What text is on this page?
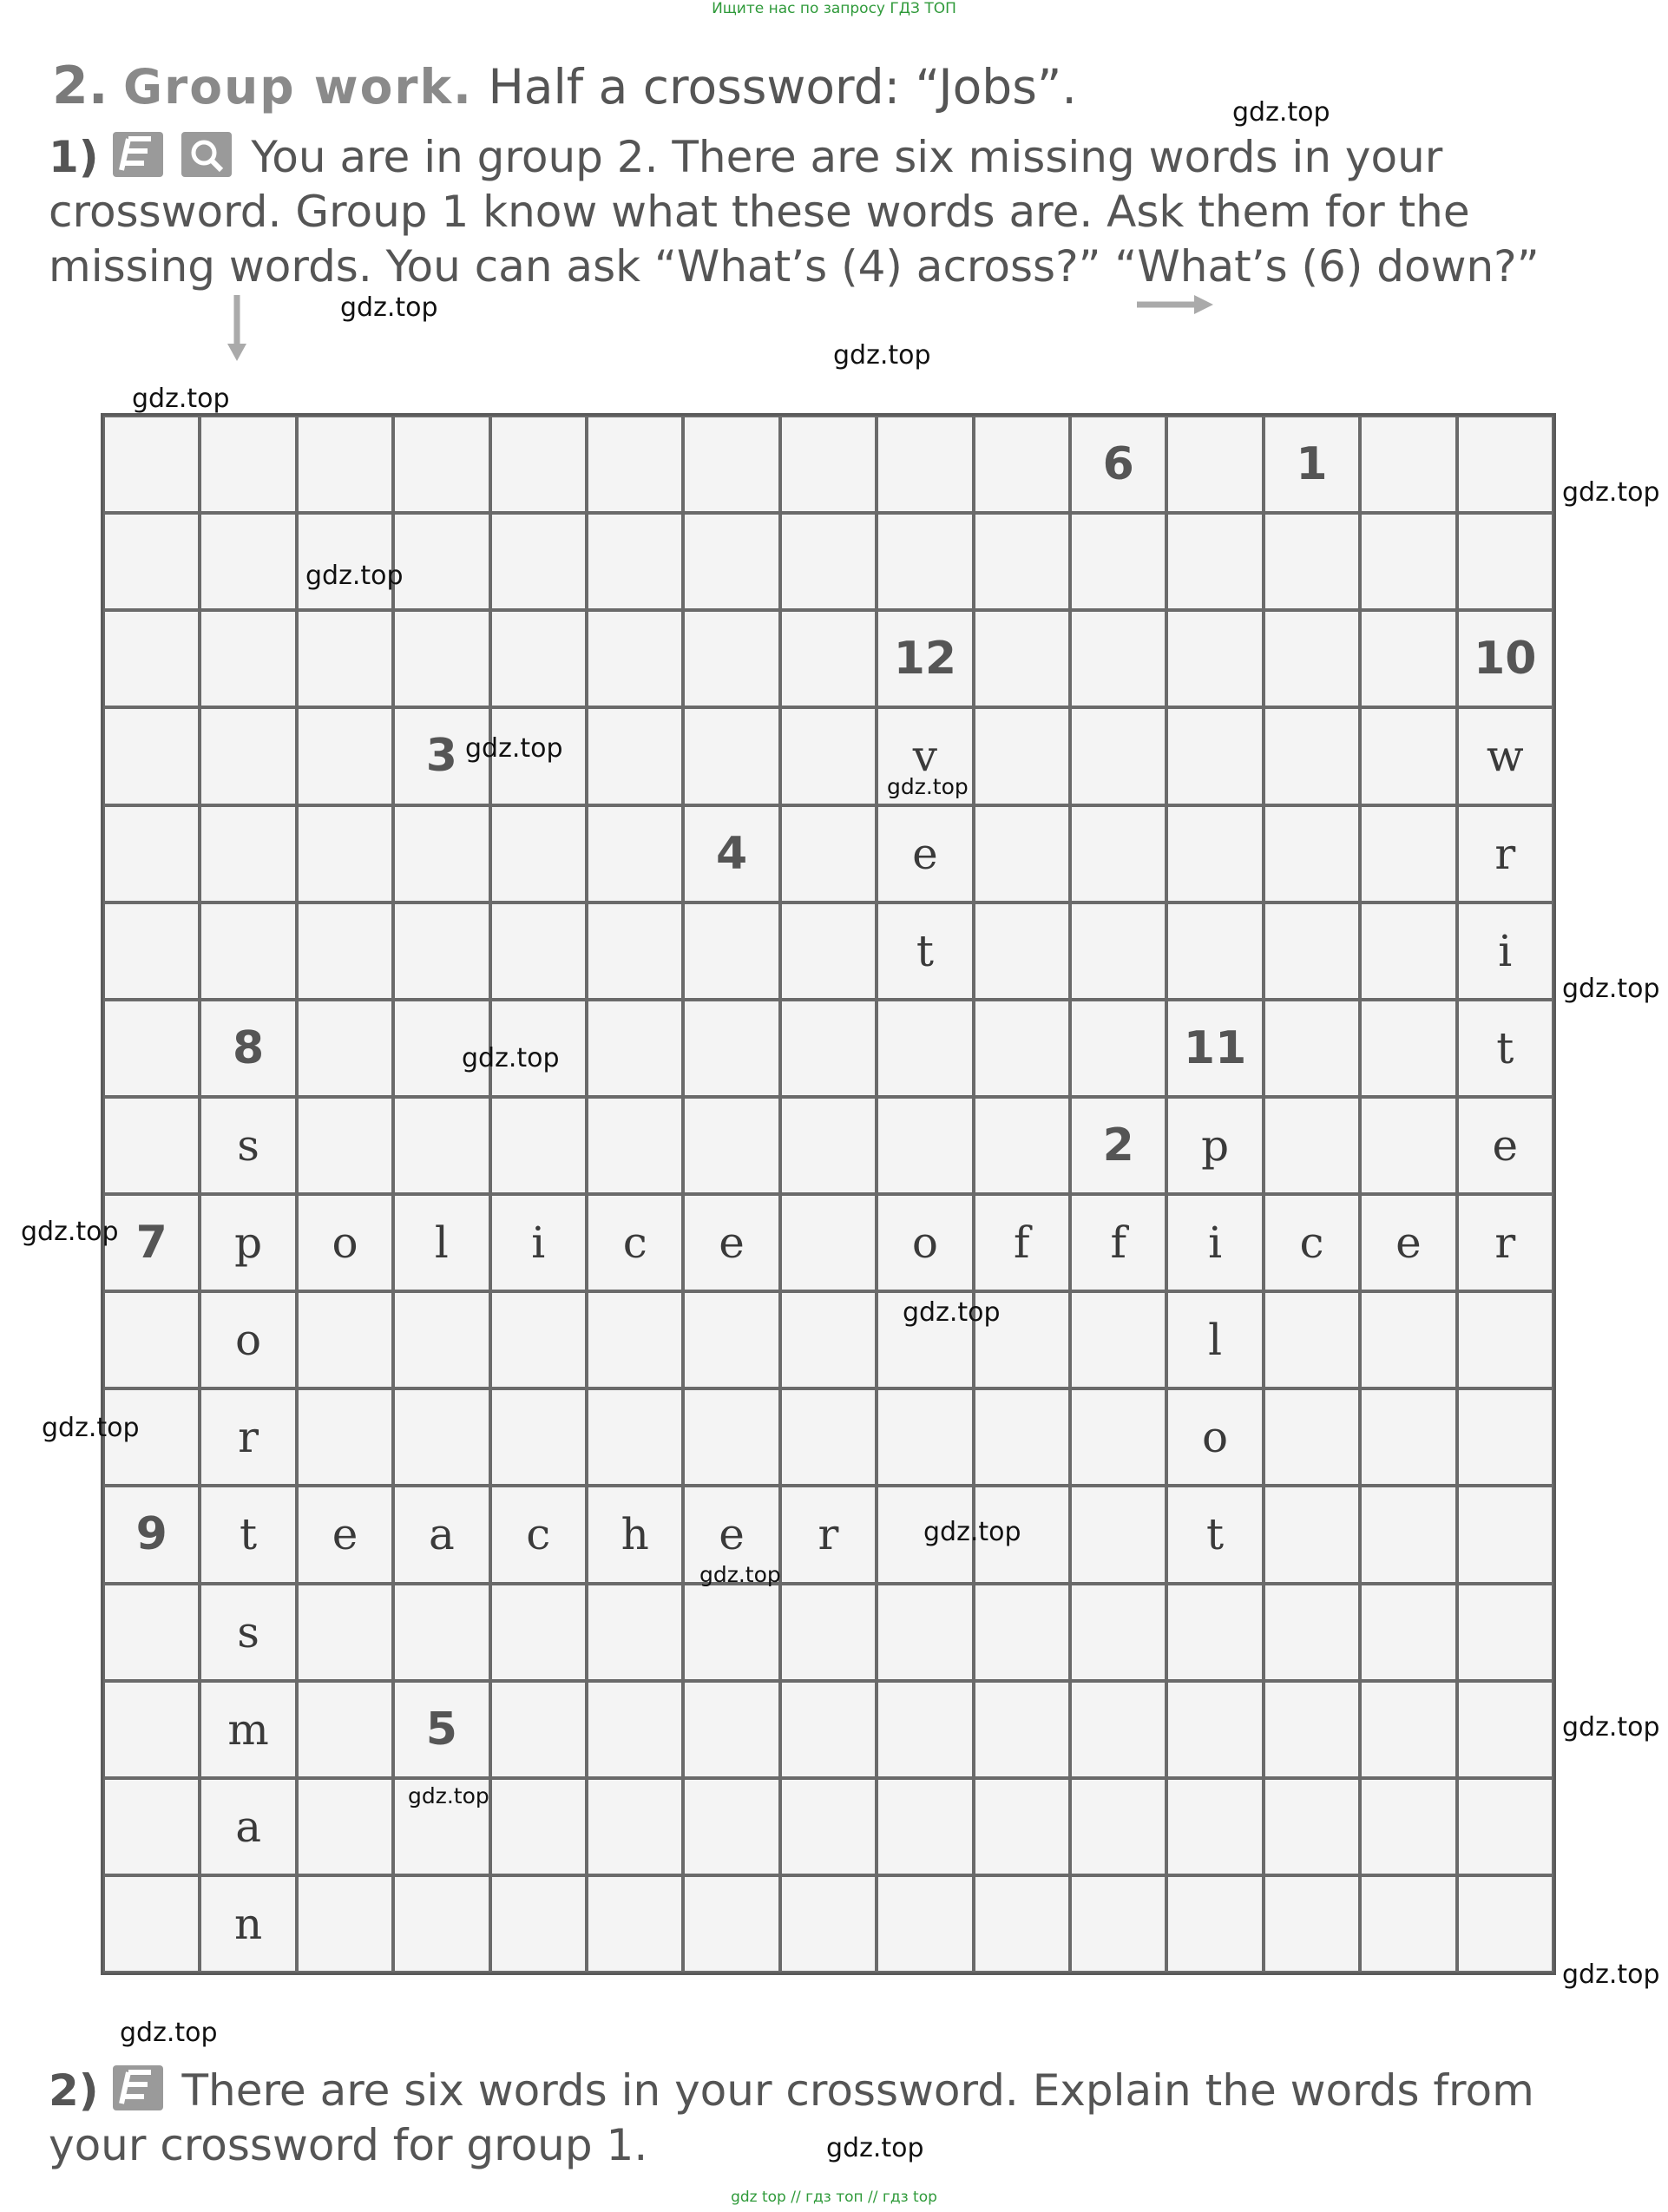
Ищите нас по запросу ГДЗ ТОП
2. Group work. Half a crossword: “Jobs”.
1)
	You are in group 2. There are six missing words in your crossword. Group 1 know what these words are. Ask them for the missing words. You can ask “What’s (4) across?” “What’s (6) down?”
6	1
12	10
3	v	w
4	e	r
t	i
8	11	t
s	2	p	e
7	p	o	l	i	c	e	o	f	f	i	c	e	r
o	l
r	o
9	t	e	a	c	h	e	r	t
s
m	5
a
n
2) There are six words in your crossword. Explain the words from your crossword for group 1.
gdz.top
gdz.top
gdz.top
gdz.top
gdz.top
gdz.top
gdz.top
gdz.top
gdz.top
gdz.top
gdz.top
gdz.top
gdz.top
gdz.top
gdz.top
gdz.top
gdz.top
gdz.top
gdz.top
gdz.top
gdz top // гдз топ // гдз top
